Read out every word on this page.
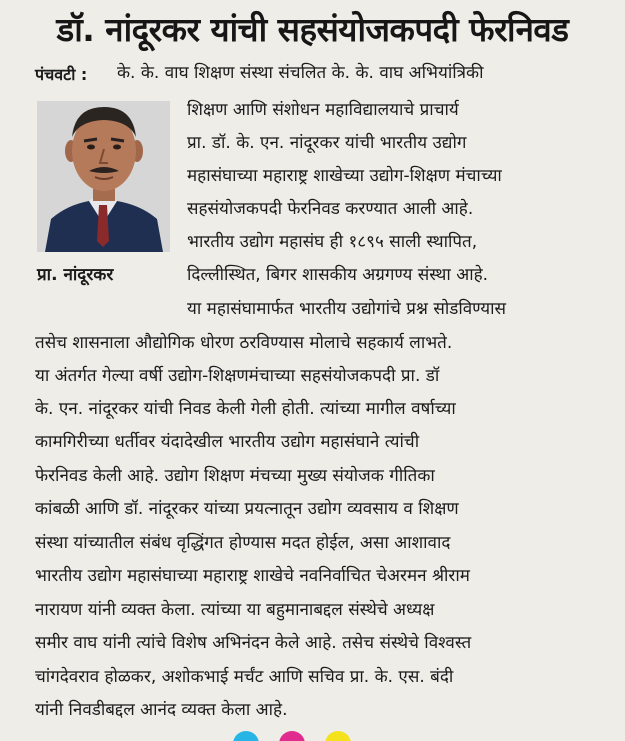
डॉ. नांदूरकर यांची सहसंयोजकपदी फेरनिवड
पंचवटी :
प्रा. नांदूरकर
के. के. वाघ शिक्षण संस्था संचलित के. के. वाघ अभियांत्रिकी
शिक्षण आणि संशोधन महाविद्यालयाचे प्राचार्य
प्रा. डॉ. के. एन. नांदूरकर यांची भारतीय उद्योग
महासंघाच्या महाराष्ट्र शाखेच्या उद्योग-शिक्षण मंचाच्या
सहसंयोजकपदी फेरनिवड करण्यात आली आहे.
भारतीय उद्योग महासंघ ही १८९५ साली स्थापित,
दिल्लीस्थित, बिगर शासकीय अग्रगण्य संस्था आहे.
या महासंघामार्फत भारतीय उद्योगांचे प्रश्न सोडविण्यास
तसेच शासनाला औद्योगिक धोरण ठरविण्यास मोलाचे सहकार्य लाभते.
या अंतर्गत गेल्या वर्षी उद्योग-शिक्षणमंचाच्या सहसंयोजकपदी प्रा. डॉ
के. एन. नांदूरकर यांची निवड केली गेली होती. त्यांच्या मागील वर्षाच्या
कामगिरीच्या धर्तीवर यंदादेखील भारतीय उद्योग महासंघाने त्यांची
फेरनिवड केली आहे. उद्योग शिक्षण मंचच्या मुख्य संयोजक गीतिका
कांबळी आणि डॉ. नांदूरकर यांच्या प्रयत्नातून उद्योग व्यवसाय व शिक्षण
संस्था यांच्यातील संबंध वृद्धिंगत होण्यास मदत होईल, असा आशावाद
भारतीय उद्योग महासंघाच्या महाराष्ट्र शाखेचे नवनिर्वाचित चेअरमन श्रीराम
नारायण यांनी व्यक्त केला. त्यांच्या या बहुमानाबद्दल संस्थेचे अध्यक्ष
समीर वाघ यांनी त्यांचे विशेष अभिनंदन केले आहे. तसेच संस्थेचे विश्वस्त
चांगदेवराव होळकर, अशोकभाई मर्चंट आणि सचिव प्रा. के. एस. बंदी
यांनी निवडीबद्दल आनंद व्यक्त केला आहे.
